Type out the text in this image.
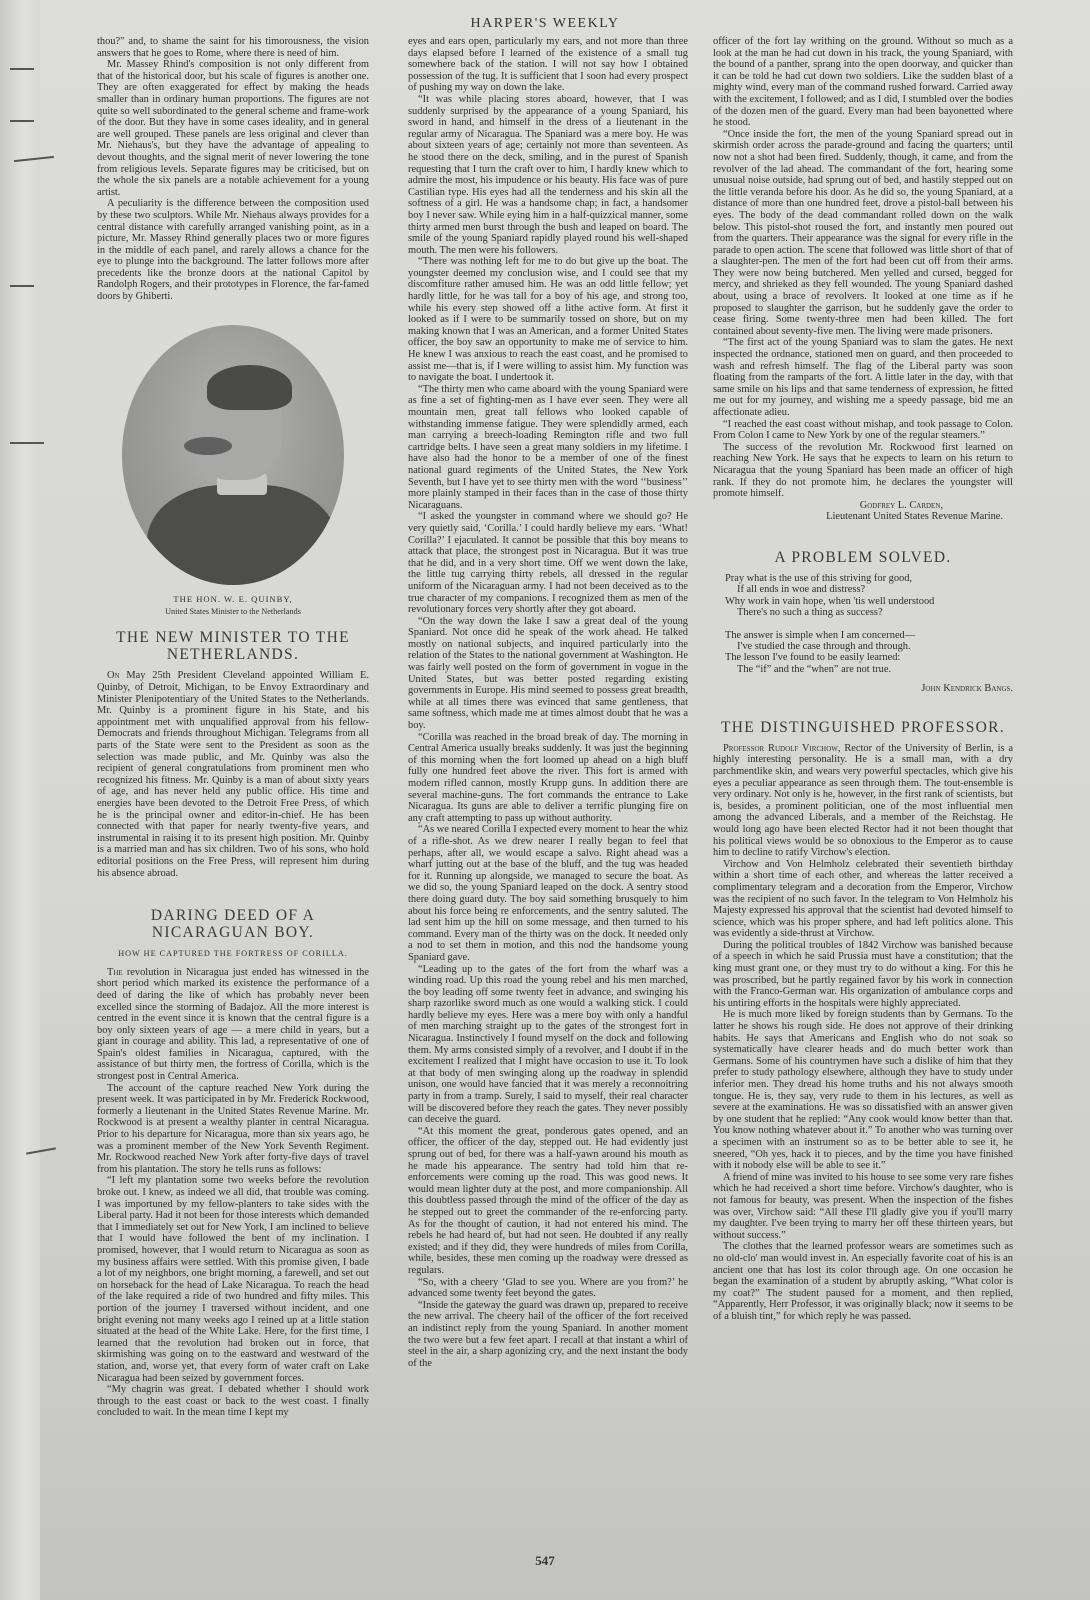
HARPER'S WEEKLY

thou?" and, to shame the saint for his timorousness, the vision answers that he goes to Rome, where there is need of him.

Mr. Massey Rhind's composition is not only different from that of the historical door, but his scale of figures is another one. They are often exaggerated for effect by making the heads smaller than in ordinary human proportions. The figures are not quite so well subordinated to the general scheme and frame-work of the door. But they have in some cases ideality, and in general are well grouped. These panels are less original and clever than Mr. Niehaus's, but they have the advantage of appealing to devout thoughts, and the signal merit of never lowering the tone from religious levels. Separate figures may be criticised, but on the whole the six panels are a notable achievement for a young artist.

A peculiarity is the difference between the composition used by these two sculptors. While Mr. Niehaus always provides for a central distance with carefully arranged vanishing point, as in a picture, Mr. Massey Rhind generally places two or more figures in the middle of each panel, and rarely allows a chance for the eye to plunge into the background. The latter follows more after precedents like the bronze doors at the national Capitol by Randolph Rogers, and their prototypes in Florence, the far-famed doors by Ghiberti.

THE HON. W. E. QUINBY,
United States Minister to the Netherlands
THE NEW MINISTER TO THE NETHERLANDS.

On May 25th President Cleveland appointed William E. Quinby, of Detroit, Michigan, to be Envoy Extraordinary and Minister Plenipotentiary of the United States to the Netherlands. Mr. Quinby is a prominent figure in his State, and his appointment met with unqualified approval from his fellow-Democrats and friends throughout Michigan. Telegrams from all parts of the State were sent to the President as soon as the selection was made public, and Mr. Quinby was also the recipient of general congratulations from prominent men who recognized his fitness. Mr. Quinby is a man of about sixty years of age, and has never held any public office. His time and energies have been devoted to the Detroit Free Press, of which he is the principal owner and editor-in-chief. He has been connected with that paper for nearly twenty-five years, and instrumental in raising it to its present high position. Mr. Quinby is a married man and has six children. Two of his sons, who hold editorial positions on the Free Press, will represent him during his absence abroad.

DARING DEED OF A NICARAGUAN BOY.
HOW HE CAPTURED THE FORTRESS OF CORILLA.

The revolution in Nicaragua just ended has witnessed in the short period which marked its existence the performance of a deed of daring the like of which has probably never been excelled since the storming of Badajoz. All the more interest is centred in the event since it is known that the central figure is a boy only sixteen years of age — a mere child in years, but a giant in courage and ability. This lad, a representative of one of Spain's oldest families in Nicaragua, captured, with the assistance of but thirty men, the fortress of Corilla, which is the strongest post in Central America.

The account of the capture reached New York during the present week. It was participated in by Mr. Frederick Rockwood, formerly a lieutenant in the United States Revenue Marine. Mr. Rockwood is at present a wealthy planter in central Nicaragua. Prior to his departure for Nicaragua, more than six years ago, he was a prominent member of the New York Seventh Regiment. Mr. Rockwood reached New York after forty-five days of travel from his plantation. The story he tells runs as follows:

“I left my plantation some two weeks before the revolution broke out. I knew, as indeed we all did, that trouble was coming. I was importuned by my fellow-planters to take sides with the Liberal party. Had it not been for those interests which demanded that I immediately set out for New York, I am inclined to believe that I would have followed the bent of my inclination. I promised, however, that I would return to Nicaragua as soon as my business affairs were settled. With this promise given, I bade a lot of my neighbors, one bright morning, a farewell, and set out on horseback for the head of Lake Nicaragua. To reach the head of the lake required a ride of two hundred and fifty miles. This portion of the journey I traversed without incident, and one bright evening not many weeks ago I reined up at a little station situated at the head of the White Lake. Here, for the first time, I learned that the revolution had broken out in force, that skirmishing was going on to the eastward and westward of the station, and, worse yet, that every form of water craft on Lake Nicaragua had been seized by government forces.

“My chagrin was great. I debated whether I should work through to the east coast or back to the west coast. I finally concluded to wait. In the mean time I kept my

eyes and ears open, particularly my ears, and not more than three days elapsed before I learned of the existence of a small tug somewhere back of the station. I will not say how I obtained possession of the tug. It is sufficient that I soon had every prospect of pushing my way on down the lake.

“It was while placing stores aboard, however, that I was suddenly surprised by the appearance of a young Spaniard, his sword in hand, and himself in the dress of a lieutenant in the regular army of Nicaragua. The Spaniard was a mere boy. He was about sixteen years of age; certainly not more than seventeen. As he stood there on the deck, smiling, and in the purest of Spanish requesting that I turn the craft over to him, I hardly knew which to admire the most, his impudence or his beauty. His face was of pure Castilian type. His eyes had all the tenderness and his skin all the softness of a girl. He was a handsome chap; in fact, a handsomer boy I never saw. While eying him in a half-quizzical manner, some thirty armed men burst through the bush and leaped on board. The smile of the young Spaniard rapidly played round his well-shaped mouth. The men were his followers.

“There was nothing left for me to do but give up the boat. The youngster deemed my conclusion wise, and I could see that my discomfiture rather amused him. He was an odd little fellow; yet hardly little, for he was tall for a boy of his age, and strong too, while his every step showed off a lithe active form. At first it looked as if I were to be summarily tossed on shore, but on my making known that I was an American, and a former United States officer, the boy saw an opportunity to make me of service to him. He knew I was anxious to reach the east coast, and he promised to assist me—that is, if I were willing to assist him. My function was to navigate the boat. I undertook it.

“The thirty men who came aboard with the young Spaniard were as fine a set of fighting-men as I have ever seen. They were all mountain men, great tall fellows who looked capable of withstanding immense fatigue. They were splendidly armed, each man carrying a breech-loading Remington rifle and two full cartridge belts. I have seen a great many soldiers in my lifetime. I have also had the honor to be a member of one of the finest national guard regiments of the United States, the New York Seventh, but I have yet to see thirty men with the word ‘‘business’’ more plainly stamped in their faces than in the case of those thirty Nicaraguans.

“I asked the youngster in command where we should go? He very quietly said, ‘Corilla.’ I could hardly believe my ears. ‘What! Corilla?’ I ejaculated. It cannot be possible that this boy means to attack that place, the strongest post in Nicaragua. But it was true that he did, and in a very short time. Off we went down the lake, the little tug carrying thirty rebels, all dressed in the regular uniform of the Nicaraguan army. I had not been deceived as to the true character of my companions. I recognized them as men of the revolutionary forces very shortly after they got aboard.

“On the way down the lake I saw a great deal of the young Spaniard. Not once did he speak of the work ahead. He talked mostly on national subjects, and inquired particularly into the relation of the States to the national government at Washington. He was fairly well posted on the form of government in vogue in the United States, but was better posted regarding existing governments in Europe. His mind seemed to possess great breadth, while at all times there was evinced that same gentleness, that same softness, which made me at times almost doubt that he was a boy.

“Corilla was reached in the broad break of day. The morning in Central America usually breaks suddenly. It was just the beginning of this morning when the fort loomed up ahead on a high bluff fully one hundred feet above the river. This fort is armed with modern rifled cannon, mostly Krupp guns. In addition there are several machine-guns. The fort commands the entrance to Lake Nicaragua. Its guns are able to deliver a terrific plunging fire on any craft attempting to pass up without authority.

“As we neared Corilla I expected every moment to hear the whiz of a rifle-shot. As we drew nearer I really began to feel that perhaps, after all, we would escape a salvo. Right ahead was a wharf jutting out at the base of the bluff, and the tug was headed for it. Running up alongside, we managed to secure the boat. As we did so, the young Spaniard leaped on the dock. A sentry stood there doing guard duty. The boy said something brusquely to him about his force being re enforcements, and the sentry saluted. The lad sent him up the hill on some message, and then turned to his command. Every man of the thirty was on the dock. It needed only a nod to set them in motion, and this nod the handsome young Spaniard gave.

“Leading up to the gates of the fort from the wharf was a winding road. Up this road the young rebel and his men marched, the boy leading off some twenty feet in advance, and swinging his sharp razorlike sword much as one would a walking stick. I could hardly believe my eyes. Here was a mere boy with only a handful of men marching straight up to the gates of the strongest fort in Nicaragua. Instinctively I found myself on the dock and following them. My arms consisted simply of a revolver, and I doubt if in the excitement I realized that I might have occasion to use it. To look at that body of men swinging along up the roadway in splendid unison, one would have fancied that it was merely a reconnoitring party in from a tramp. Surely, I said to myself, their real character will be discovered before they reach the gates. They never possibly can deceive the guard.

“At this moment the great, ponderous gates opened, and an officer, the officer of the day, stepped out. He had evidently just sprung out of bed, for there was a half-yawn around his mouth as he made his appearance. The sentry had told him that re-enforcements were coming up the road. This was good news. It would mean lighter duty at the post, and more companionship. All this doubtless passed through the mind of the officer of the day as he stepped out to greet the commander of the re-enforcing party. As for the thought of caution, it had not entered his mind. The rebels he had heard of, but had not seen. He doubted if any really existed; and if they did, they were hundreds of miles from Corilla, while, besides, these men coming up the roadway were dressed as regulars.

“So, with a cheery ‘Glad to see you. Where are you from?’ he advanced some twenty feet beyond the gates.

“Inside the gateway the guard was drawn up, prepared to receive the new arrival. The cheery hail of the officer of the fort received an indistinct reply from the young Spaniard. In another moment the two were but a few feet apart. I recall at that instant a whirl of steel in the air, a sharp agonizing cry, and the next instant the body of the

officer of the fort lay writhing on the ground. Without so much as a look at the man he had cut down in his track, the young Spaniard, with the bound of a panther, sprang into the open doorway, and quicker than it can be told he had cut down two soldiers. Like the sudden blast of a mighty wind, every man of the command rushed forward. Carried away with the excitement, I followed; and as I did, I stumbled over the bodies of the dozen men of the guard. Every man had been bayonetted where he stood.

“Once inside the fort, the men of the young Spaniard spread out in skirmish order across the parade-ground and facing the quarters; until now not a shot had been fired. Suddenly, though, it came, and from the revolver of the lad ahead. The commandant of the fort, hearing some unusual noise outside, had sprung out of bed, and hastily stepped out on the little veranda before his door. As he did so, the young Spaniard, at a distance of more than one hundred feet, drove a pistol-ball between his eyes. The body of the dead commandant rolled down on the walk below. This pistol-shot roused the fort, and instantly men poured out from the quarters. Their appearance was the signal for every rifle in the parade to open action. The scene that followed was little short of that of a slaughter-pen. The men of the fort had been cut off from their arms. They were now being butchered. Men yelled and cursed, begged for mercy, and shrieked as they fell wounded. The young Spaniard dashed about, using a brace of revolvers. It looked at one time as if he proposed to slaughter the garrison, but he suddenly gave the order to cease firing. Some twenty-three men had been killed. The fort contained about seventy-five men. The living were made prisoners.

“The first act of the young Spaniard was to slam the gates. He next inspected the ordnance, stationed men on guard, and then proceeded to wash and refresh himself. The flag of the Liberal party was soon floating from the ramparts of the fort. A little later in the day, with that same smile on his lips and that same tenderness of expression, he fitted me out for my journey, and wishing me a speedy passage, bid me an affectionate adieu.

“I reached the east coast without mishap, and took passage to Colon. From Colon I came to New York by one of the regular steamers.”

The success of the revolution Mr. Rockwood first learned on reaching New York. He says that he expects to learn on his return to Nicaragua that the young Spaniard has been made an officer of high rank. If they do not promote him, he declares the youngster will promote himself.

Godfrey L. Carden,

Lieutenant United States Revenue Marine.

A PROBLEM SOLVED.
Pray what is the use of this striving for good,
If all ends in woe and distress?
Why work in vain hope, when 'tis well understood
There's no such a thing as success?
The answer is simple when I am concerned—
I've studied the case through and through.
The lesson I've found to be easily learned:
The “if” and the “when” are not true.

John Kendrick Bangs.

THE DISTINGUISHED PROFESSOR.

Professor Rudolf Virchow, Rector of the University of Berlin, is a highly interesting personality. He is a small man, with a dry parchmentlike skin, and wears very powerful spectacles, which give his eyes a peculiar appearance as seen through them. The tout-ensemble is very ordinary. Not only is he, however, in the first rank of scientists, but is, besides, a prominent politician, one of the most influential men among the advanced Liberals, and a member of the Reichstag. He would long ago have been elected Rector had it not been thought that his political views would be so obnoxious to the Emperor as to cause him to decline to ratify Virchow's election.

Virchow and Von Helmholz celebrated their seventieth birthday within a short time of each other, and whereas the latter received a complimentary telegram and a decoration from the Emperor, Virchow was the recipient of no such favor. In the telegram to Von Helmholz his Majesty expressed his approval that the scientist had devoted himself to science, which was his proper sphere, and had left politics alone. This was evidently a side-thrust at Virchow.

During the political troubles of 1842 Virchow was banished because of a speech in which he said Prussia must have a constitution; that the king must grant one, or they must try to do without a king. For this he was proscribed, but he partly regained favor by his work in connection with the Franco-German war. His organization of ambulance corps and his untiring efforts in the hospitals were highly appreciated.

He is much more liked by foreign students than by Germans. To the latter he shows his rough side. He does not approve of their drinking habits. He says that Americans and English who do not soak so systematically have clearer heads and do much better work than Germans. Some of his countrymen have such a dislike of him that they prefer to study pathology elsewhere, although they have to study under inferior men. They dread his home truths and his not always smooth tongue. He is, they say, very rude to them in his lectures, as well as severe at the examinations. He was so dissatisfied with an answer given by one student that he replied: “Any cook would know better than that. You know nothing whatever about it.” To another who was turning over a specimen with an instrument so as to be better able to see it, he sneered, “Oh yes, hack it to pieces, and by the time you have finished with it nobody else will be able to see it.”

A friend of mine was invited to his house to see some very rare fishes which he had received a short time before. Virchow's daughter, who is not famous for beauty, was present. When the inspection of the fishes was over, Virchow said: “All these I'll gladly give you if you'll marry my daughter. I've been trying to marry her off these thirteen years, but without success.”

The clothes that the learned professor wears are sometimes such as no old-clo' man would invest in. An especially favorite coat of his is an ancient one that has lost its color through age. On one occasion he began the examination of a student by abruptly asking, “What color is my coat?” The student paused for a moment, and then replied, “Apparently, Herr Professor, it was originally black; now it seems to be of a bluish tint,” for which reply he was passed.

547
